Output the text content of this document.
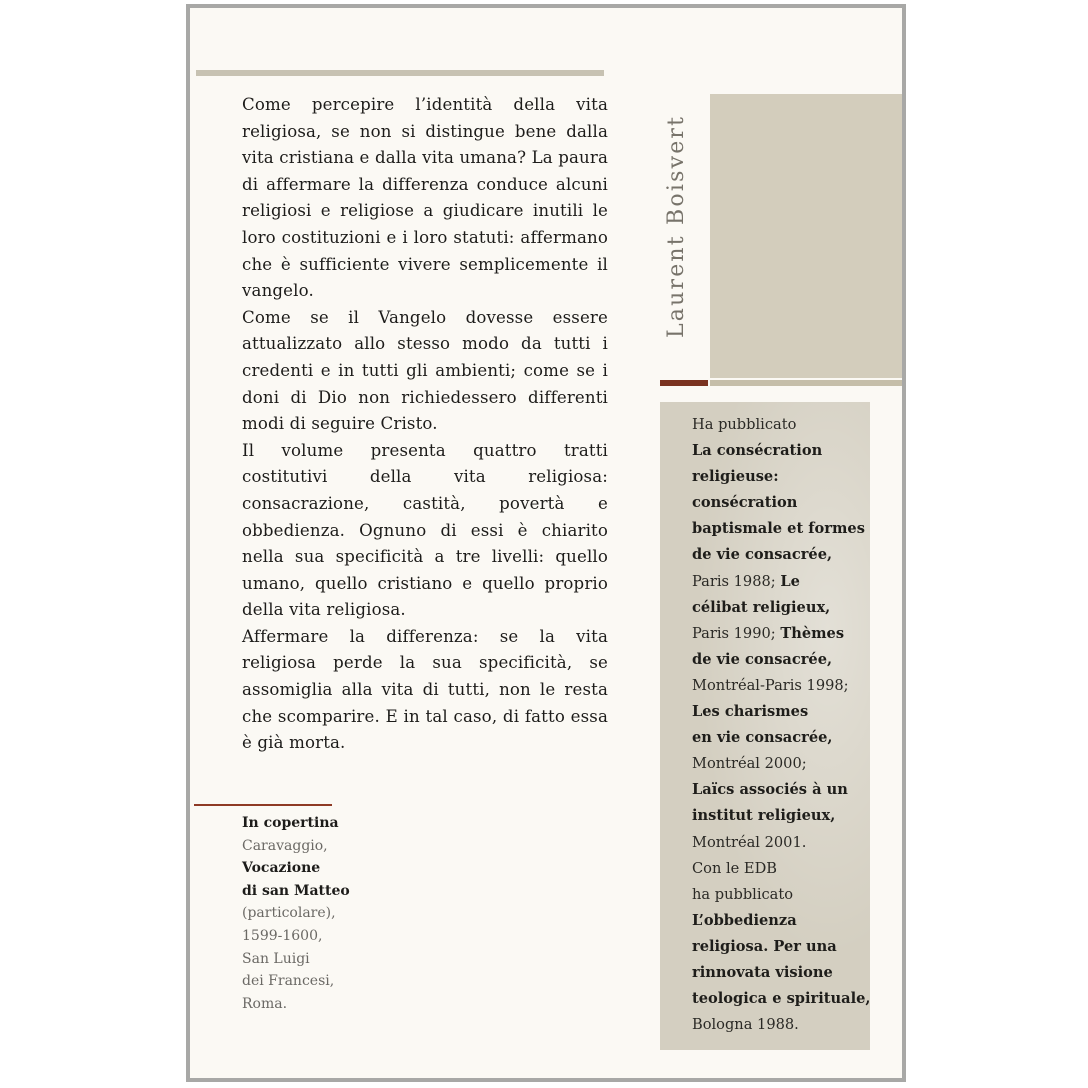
Come percepire l’identità della vita religiosa, se non si distingue bene dalla vita cristiana e dalla vita umana? La paura di affermare la differenza conduce alcuni religiosi e religiose a giudicare inutili le loro costituzioni e i loro statuti: affermano che è sufficiente vivere semplicemente il vangelo.

Come se il Vangelo dovesse essere attualizzato allo stesso modo da tutti i credenti e in tutti gli ambienti; come se i doni di Dio non richiedessero differenti modi di seguire Cristo.

Il volume presenta quattro tratti costitutivi della vita religiosa: consacrazione, castità, povertà e obbedienza. Ognuno di essi è chiarito nella sua specificità a tre livelli: quello umano, quello cristiano e quello proprio della vita religiosa.

Affermare la differenza: se la vita religiosa perde la sua specificità, se assomiglia alla vita di tutti, non le resta che scomparire. E in tal caso, di fatto essa è già morta.

In copertina
Caravaggio,
Vocazione
di san Matteo
(particolare),
1599-1600,
San Luigi
dei Francesi,
Roma.
Laurent Boisvert
Ha pubblicato
La consécration
religieuse:
consécration
baptismale et formes
de vie consacrée,
Paris 1988; Le
célibat religieux,
Paris 1990; Thèmes
de vie consacrée,
Montréal-Paris 1998;
Les charismes
en vie consacrée,
Montréal 2000;
Laïcs associés à un
institut religieux,
Montréal 2001.
Con le EDB
ha pubblicato
L’obbedienza
religiosa. Per una
rinnovata visione
teologica e spirituale,
Bologna 1988.
